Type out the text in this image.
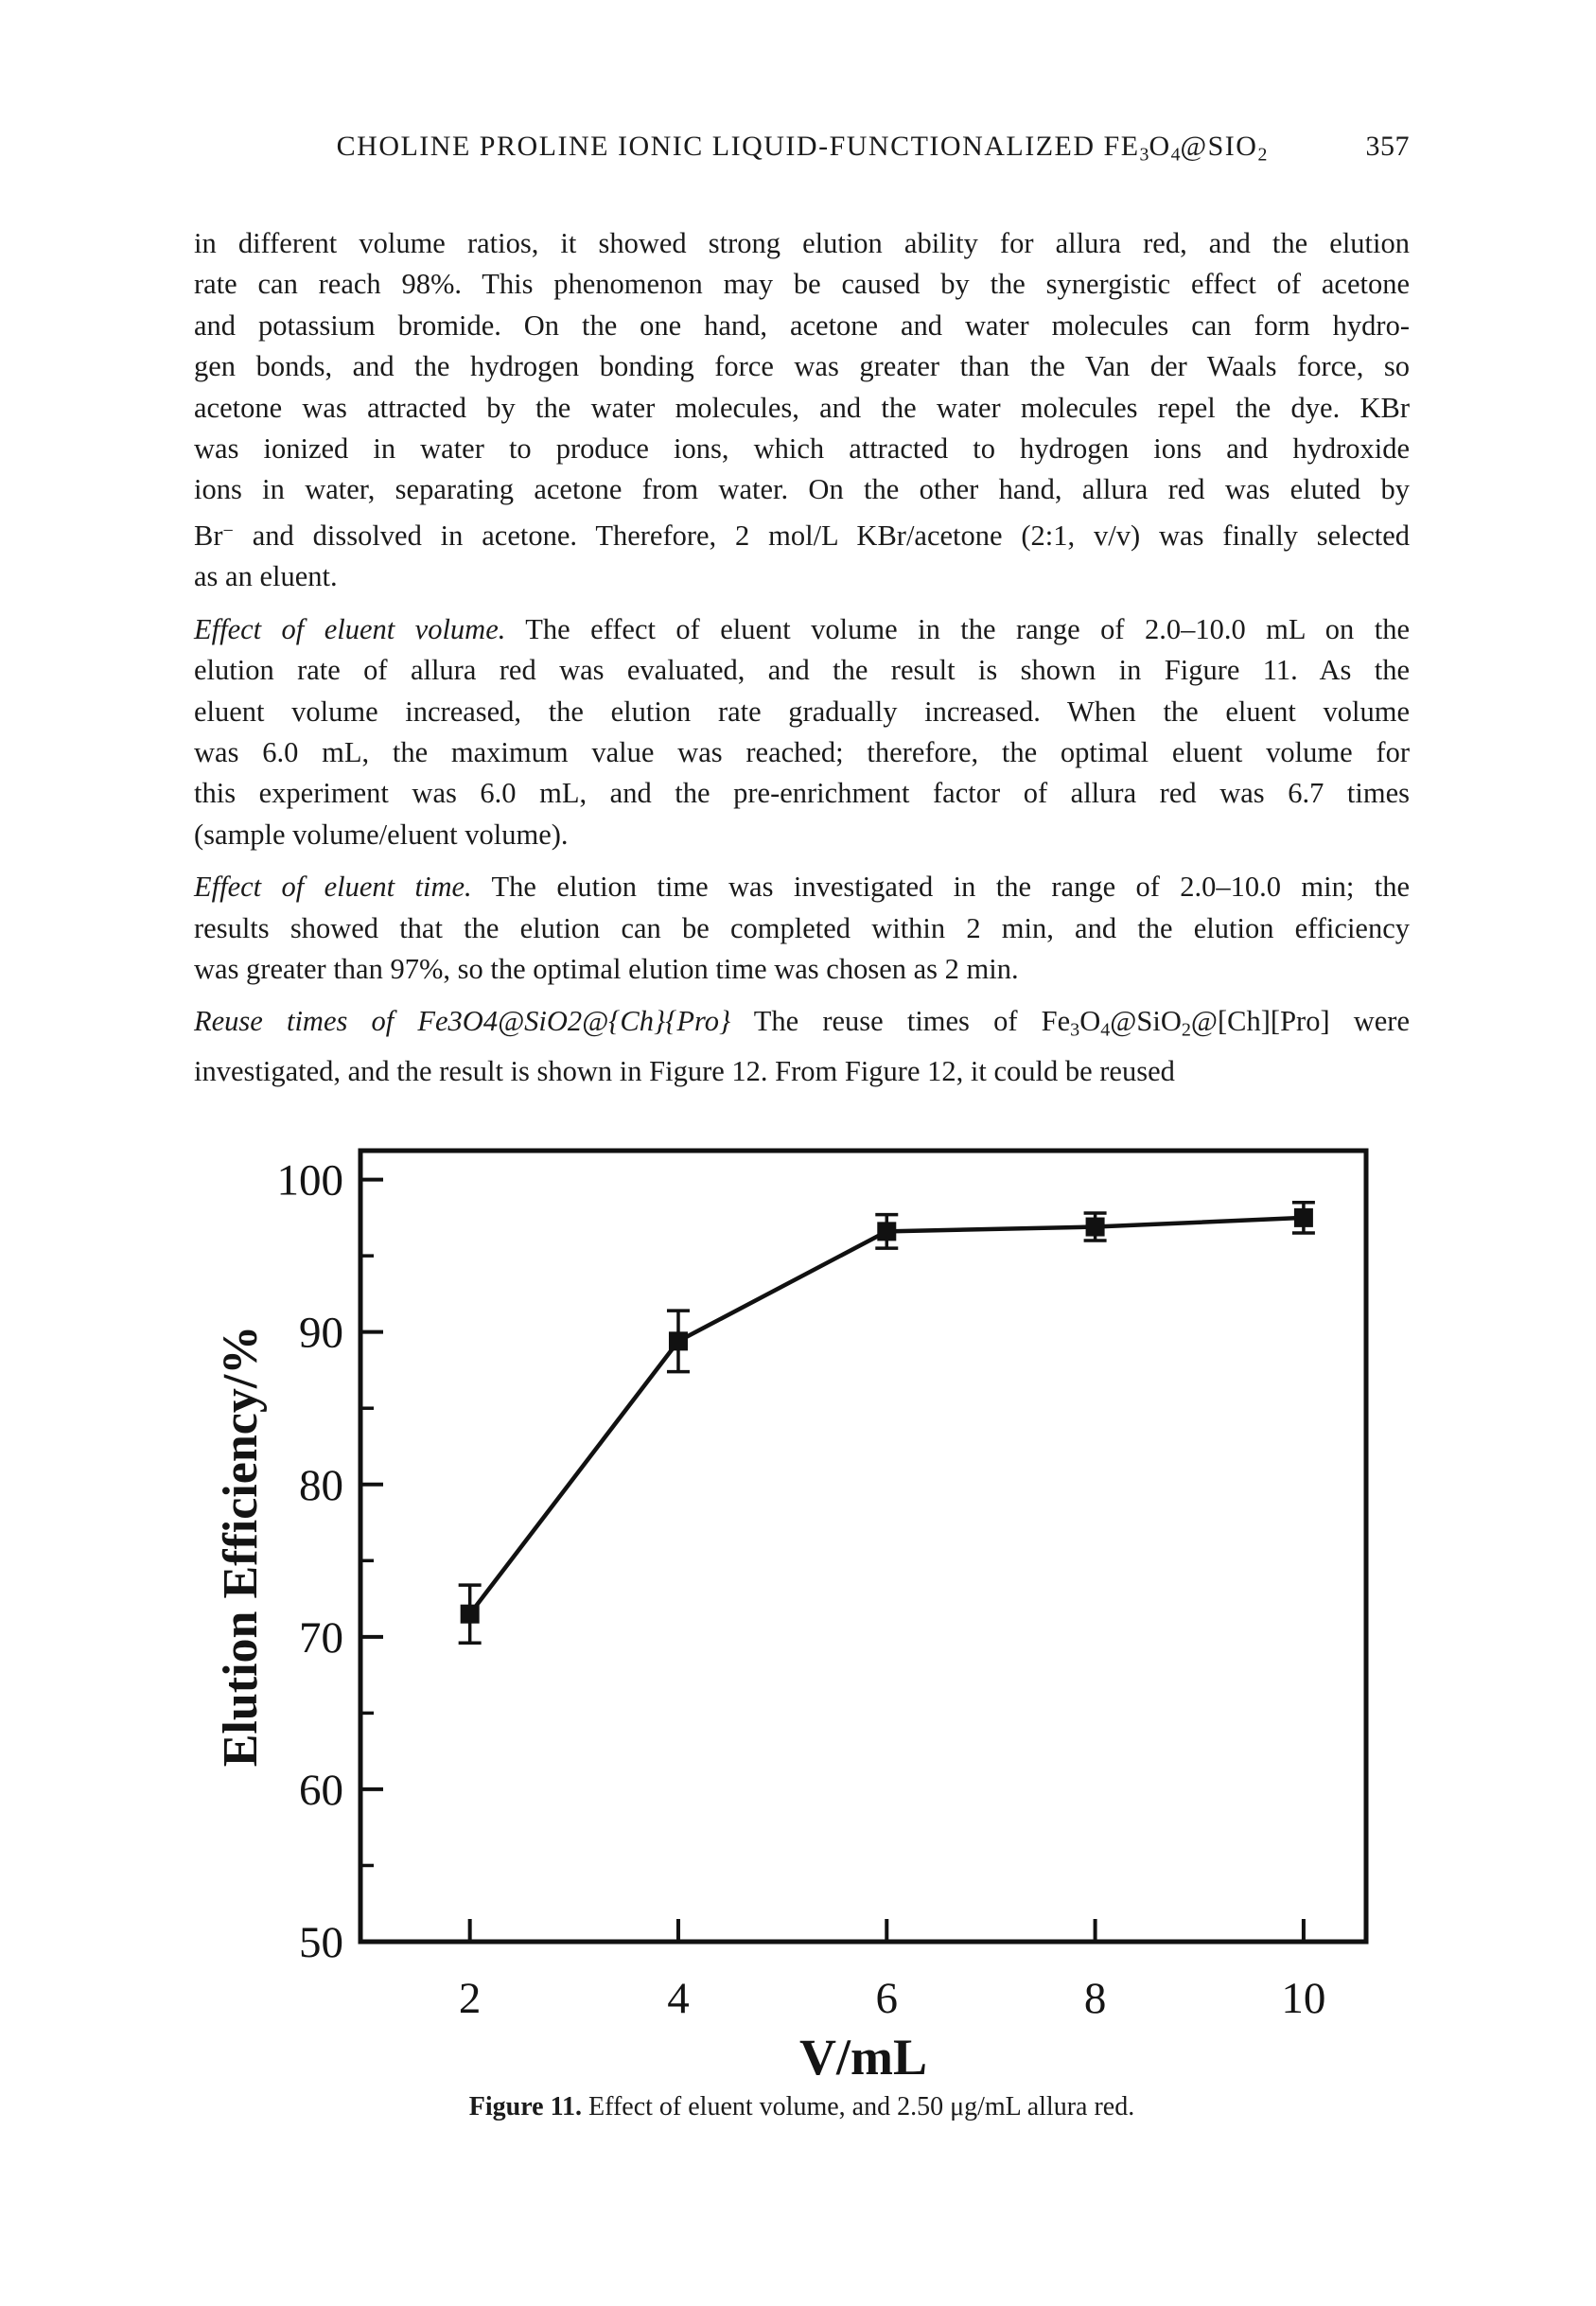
CHOLINE PROLINE IONIC LIQUID-FUNCTIONALIZED FE3O4@SIO2	357
in different volume ratios, it showed strong elution ability for allura red, and the elution
rate can reach 98%. This phenomenon may be caused by the synergistic effect of acetone
and potassium bromide. On the one hand, acetone and water molecules can form hydro-
gen bonds, and the hydrogen bonding force was greater than the Van der Waals force, so
acetone was attracted by the water molecules, and the water molecules repel the dye. KBr
was ionized in water to produce ions, which attracted to hydrogen ions and hydroxide
ions in water, separating acetone from water. On the other hand, allura red was eluted by
Br− and dissolved in acetone. Therefore, 2 mol/L KBr/acetone (2:1, v/v) was finally selected
as an eluent.
Effect of eluent volume. The effect of eluent volume in the range of 2.0–10.0 mL on the
elution rate of allura red was evaluated, and the result is shown in Figure 11. As the
eluent volume increased, the elution rate gradually increased. When the eluent volume
was 6.0 mL, the maximum value was reached; therefore, the optimal eluent volume for
this experiment was 6.0 mL, and the pre-enrichment factor of allura red was 6.7 times
(sample volume/eluent volume).
Effect of eluent time. The elution time was investigated in the range of 2.0–10.0 min; the
results showed that the elution can be completed within 2 min, and the elution efficiency
was greater than 97%, so the optimal elution time was chosen as 2 min.
Reuse times of Fe3O4@SiO2@{Ch}{Pro} The reuse times of Fe3O4@SiO2@[Ch][Pro] were
investigated, and the result is shown in Figure 12. From Figure 12, it could be reused
50
60
70
80
90
100
2	4	6	8	10
Elution Efficiency/%
V/mL
Figure 11. Effect of eluent volume, and 2.50 μg/mL allura red.
